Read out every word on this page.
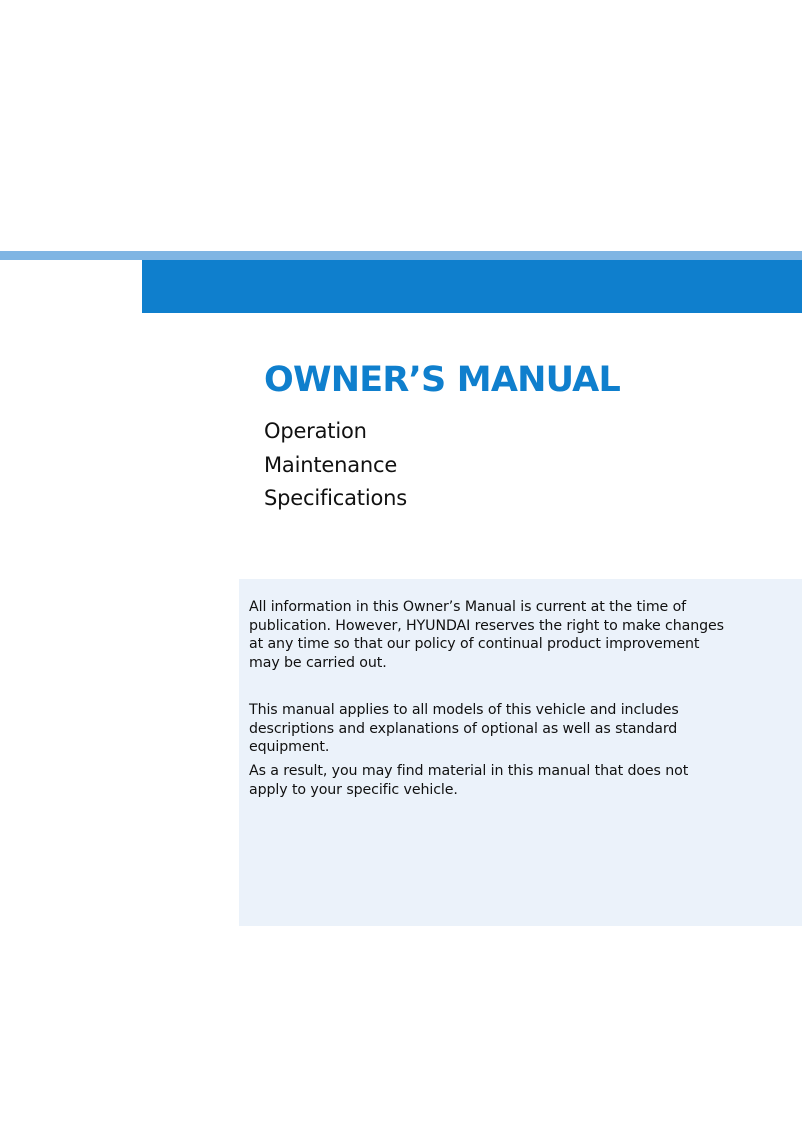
OWNER’S MANUAL
Operation
Maintenance
Specifications

All information in this Owner’s Manual is current at the time of publication. However, HYUNDAI reserves the right to make changes at any time so that our policy of continual product improvement may be carried out.

This manual applies to all models of this vehicle and includes descriptions and explanations of optional as well as standard equipment.

As a result, you may find material in this manual that does not apply to your specific vehicle.
